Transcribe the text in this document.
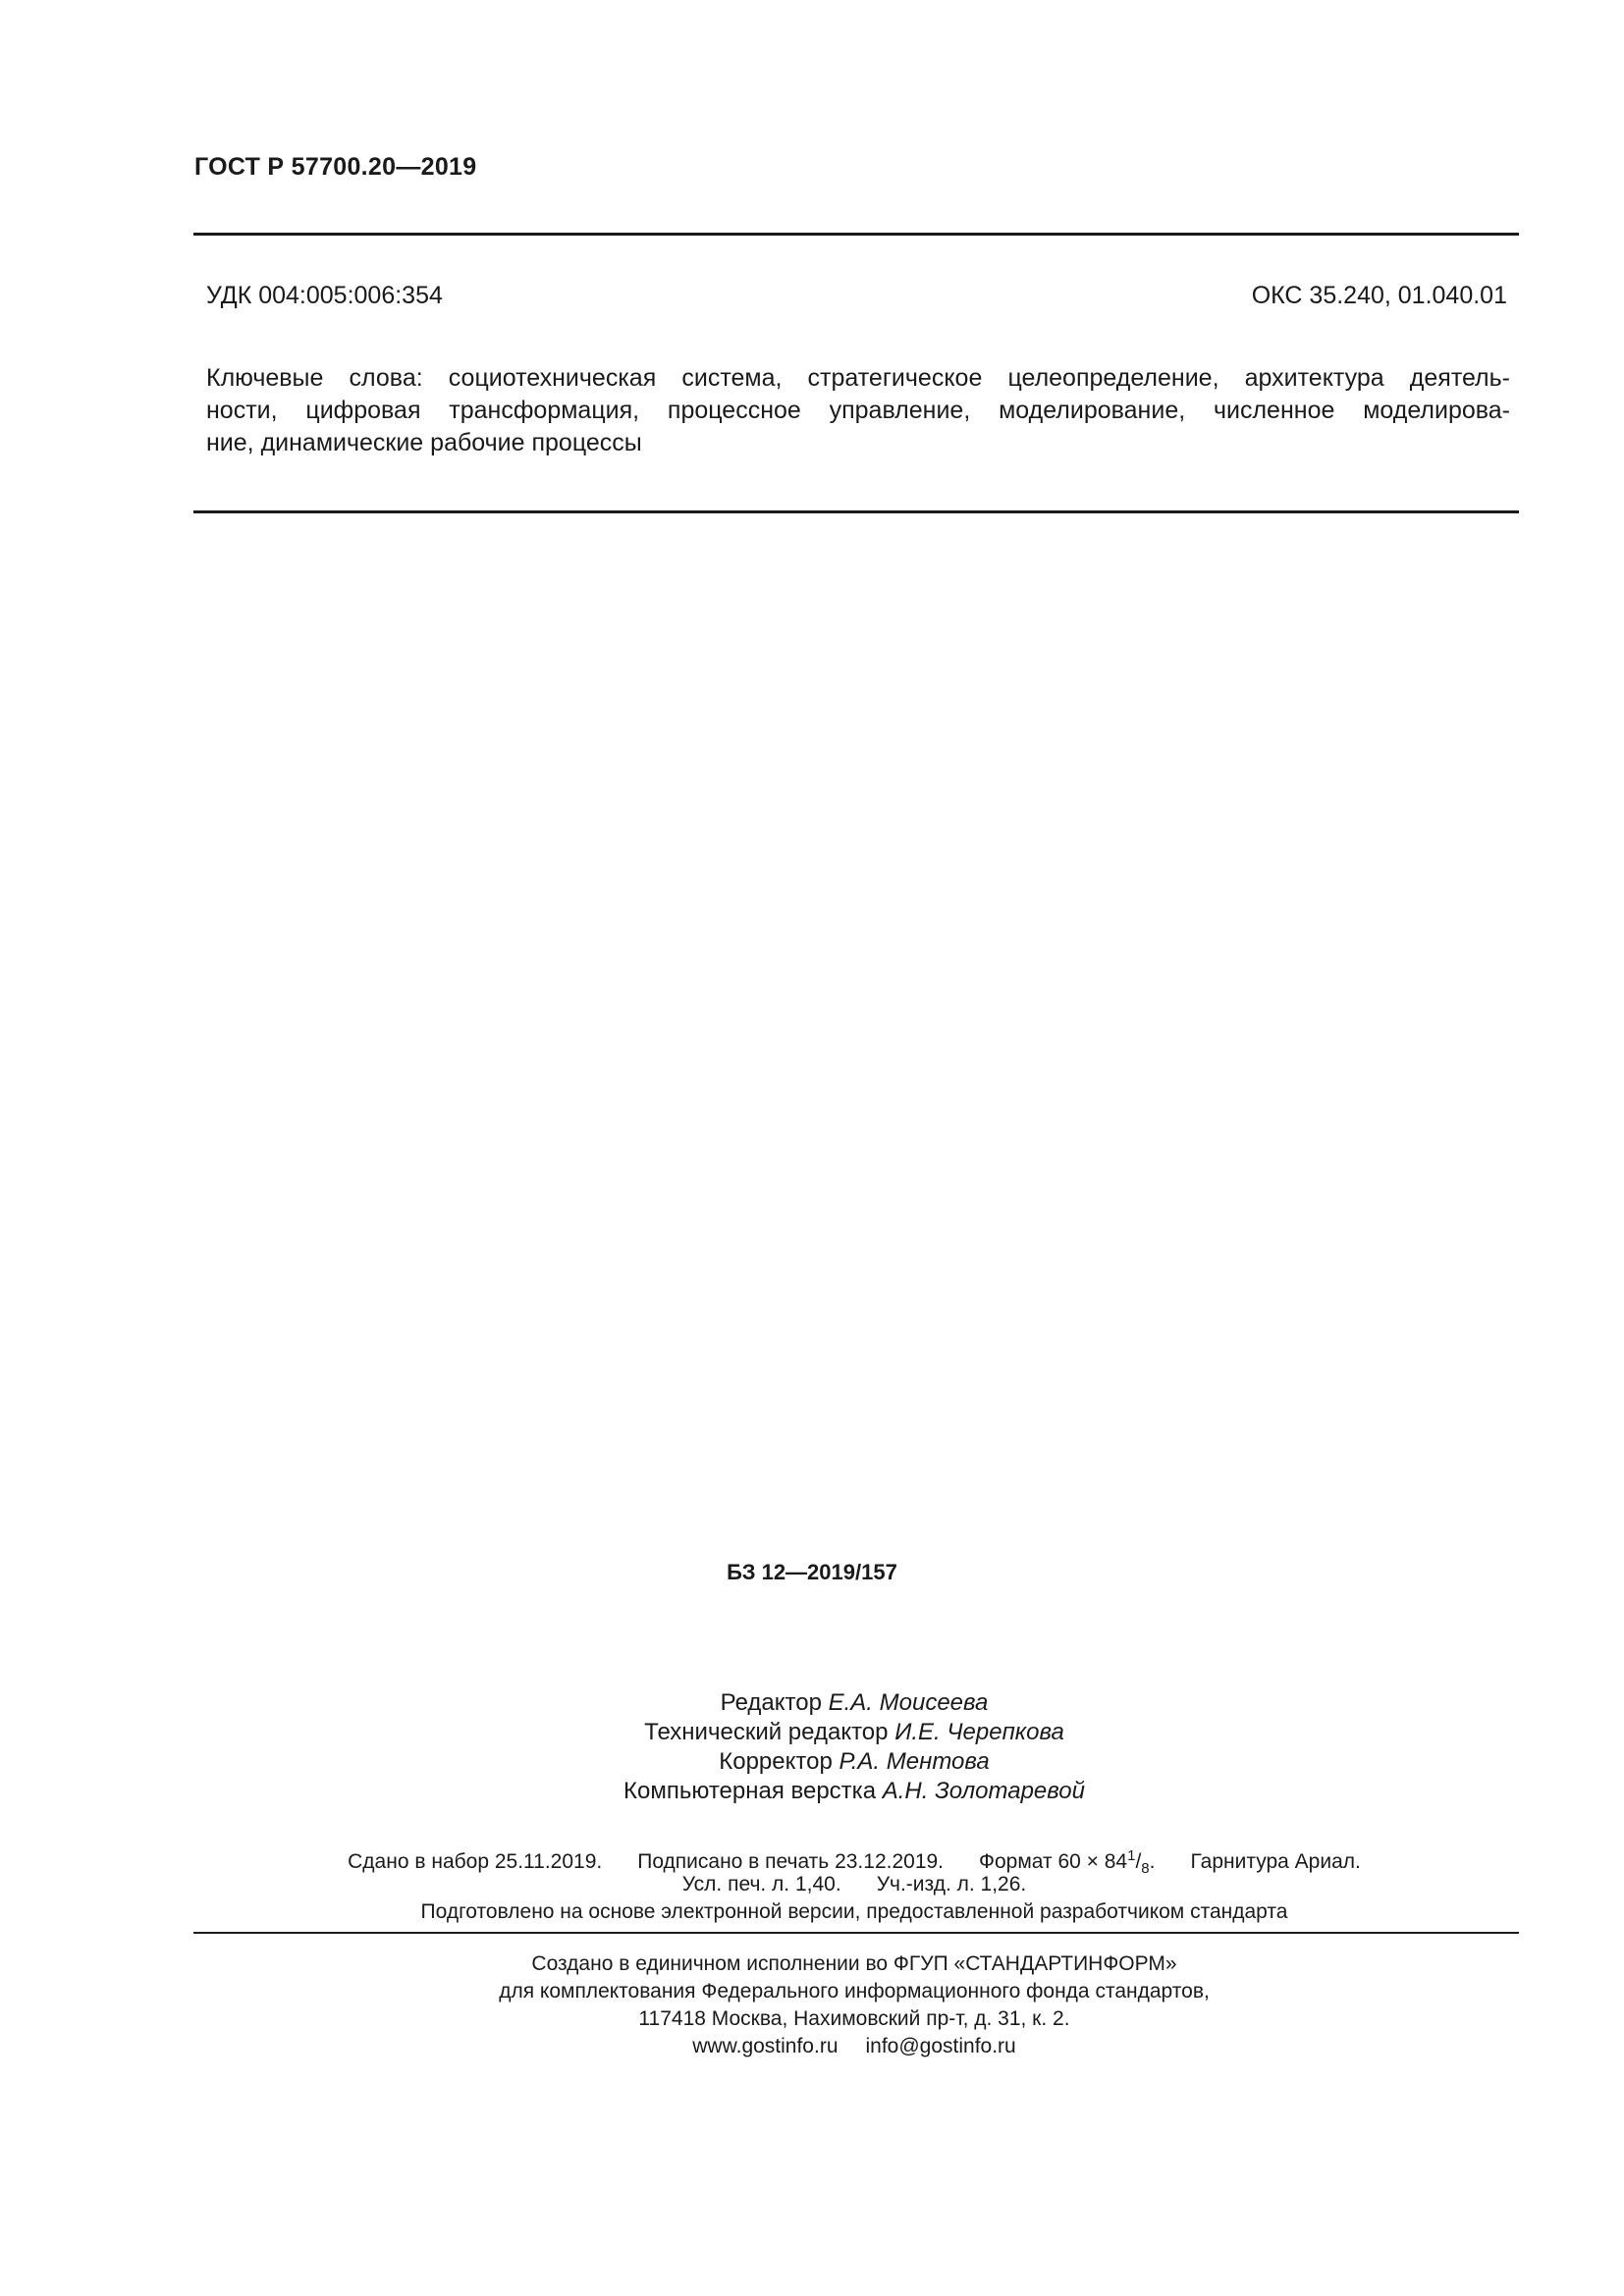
ГОСТ Р 57700.20—2019
УДК 004:005:006:354	ОКС 35.240, 01.040.01
Ключевые слова: социотехническая система, стратегическое целеопределение, архитектура деятель-
ности, цифровая трансформация, процессное управление, моделирование, численное моделирова-
ние, динамические рабочие процессы
БЗ 12—2019/157
Редактор Е.А. Моисеева
Технический редактор И.Е. Черепкова
Корректор Р.А. Ментова
Компьютерная верстка А.Н. Золотаревой
Сдано в набор 25.11.2019. Подписано в печать 23.12.2019. Формат $60 \times 84^1/_8$. Гарнитура Ариал.
Усл. печ. л. 1,40. Уч.-изд. л. 1,26.
Подготовлено на основе электронной версии, предоставленной разработчиком стандарта
Создано в единичном исполнении во ФГУП «СТАНДАРТИНФОРМ»
для комплектования Федерального информационного фонда стандартов,
117418 Москва, Нахимовский пр-т, д. 31, к. 2.
www.gostinfo.ru info@gostinfo.ru
